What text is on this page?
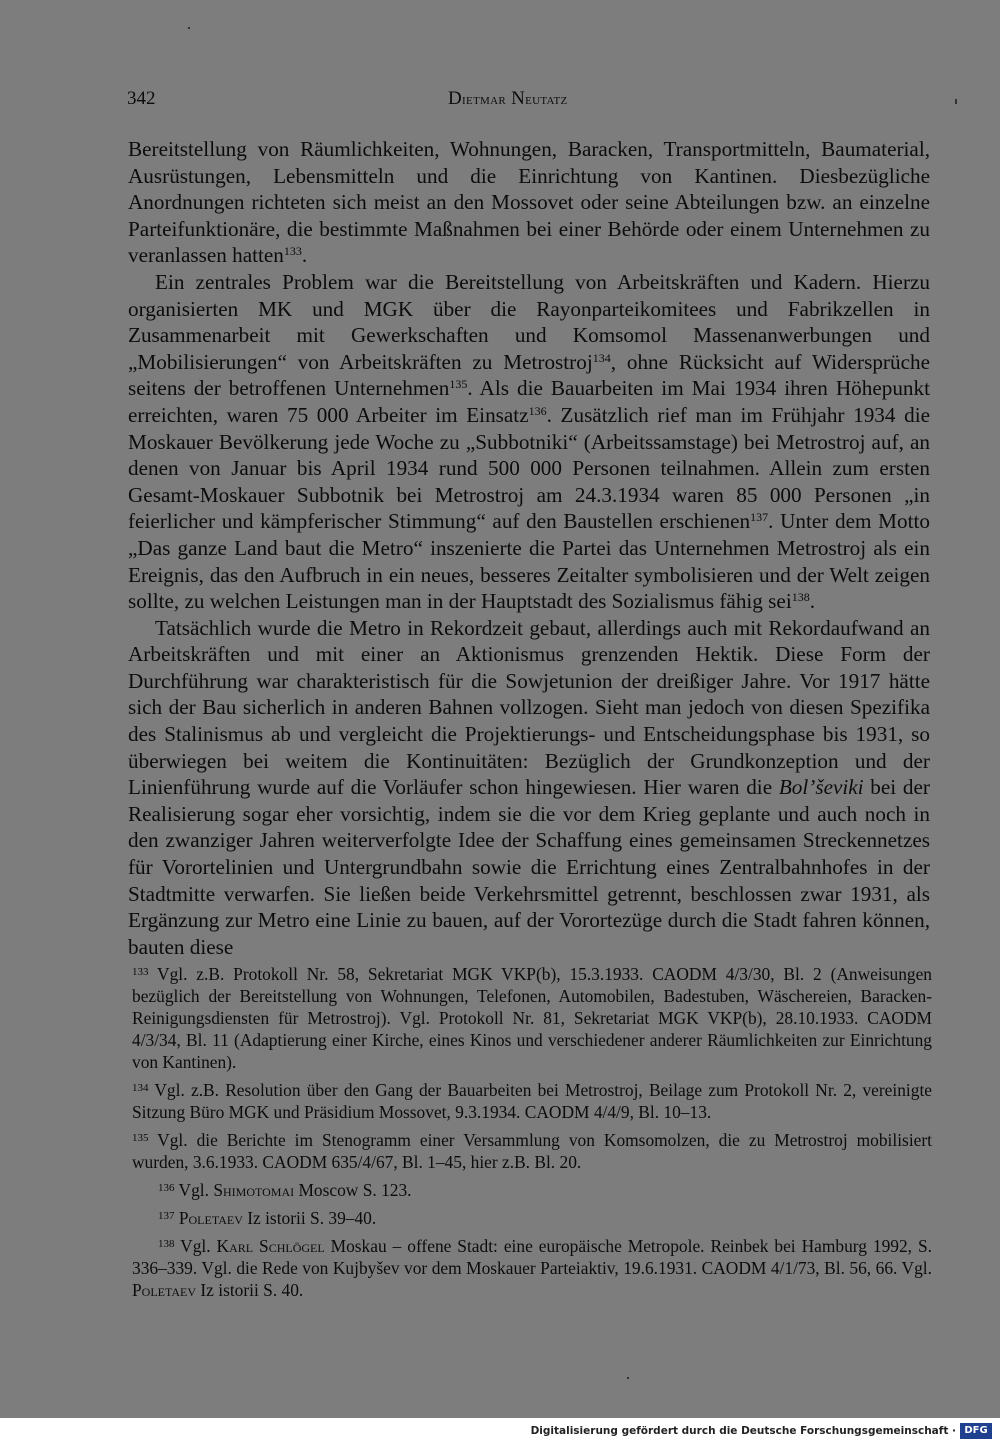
342	Dietmar Neutatz

Bereitstellung von Räumlichkeiten, Wohnungen, Baracken, Transportmitteln, Baumaterial, Ausrüstungen, Lebensmitteln und die Einrichtung von Kantinen. Diesbezügliche Anordnungen richteten sich meist an den Mossovet oder seine Abteilungen bzw. an einzelne Parteifunktionäre, die bestimmte Maßnahmen bei einer Behörde oder einem Unternehmen zu veranlassen hatten$^{133}$.

Ein zentrales Problem war die Bereitstellung von Arbeitskräften und Kadern. Hierzu organisierten MK und MGK über die Rayonparteikomitees und Fabrikzellen in Zusammenarbeit mit Gewerkschaften und Komsomol Massenanwerbungen und „Mobilisierungen“ von Arbeitskräften zu Metrostroj$^{134}$, ohne Rücksicht auf Widersprüche seitens der betroffenen Unternehmen$^{135}$. Als die Bauarbeiten im Mai 1934 ihren Höhepunkt erreichten, waren 75 000 Arbeiter im Einsatz$^{136}$. Zusätzlich rief man im Frühjahr 1934 die Moskauer Bevölkerung jede Woche zu „Subbotniki“ (Arbeitssamstage) bei Metrostroj auf, an denen von Januar bis April 1934 rund 500 000 Personen teilnahmen. Allein zum ersten Gesamt-Moskauer Subbotnik bei Metrostroj am 24.3.1934 waren 85 000 Personen „in feierlicher und kämpferischer Stimmung“ auf den Baustellen erschienen$^{137}$. Unter dem Motto „Das ganze Land baut die Metro“ inszenierte die Partei das Unternehmen Metrostroj als ein Ereignis, das den Aufbruch in ein neues, besseres Zeitalter symbolisieren und der Welt zeigen sollte, zu welchen Leistungen man in der Hauptstadt des Sozialismus fähig sei$^{138}$.

Tatsächlich wurde die Metro in Rekordzeit gebaut, allerdings auch mit Rekordaufwand an Arbeitskräften und mit einer an Aktionismus grenzenden Hektik. Diese Form der Durchführung war charakteristisch für die Sowjetunion der dreißiger Jahre. Vor 1917 hätte sich der Bau sicherlich in anderen Bahnen vollzogen. Sieht man jedoch von diesen Spezifika des Stalinismus ab und vergleicht die Projektierungs- und Entscheidungsphase bis 1931, so überwiegen bei weitem die Kontinuitäten: Bezüglich der Grundkonzeption und der Linienführung wurde auf die Vorläufer schon hingewiesen. Hier waren die Bol’ševiki bei der Realisierung sogar eher vorsichtig, indem sie die vor dem Krieg geplante und auch noch in den zwanziger Jahren weiterverfolgte Idee der Schaffung eines gemeinsamen Streckennetzes für Vorortelinien und Untergrundbahn sowie die Errichtung eines Zentralbahnhofes in der Stadtmitte verwarfen. Sie ließen beide Verkehrsmittel getrennt, beschlossen zwar 1931, als Ergänzung zur Metro eine Linie zu bauen, auf der Vorortezüge durch die Stadt fahren können, bauten diese

$^{133}$ Vgl. z.B. Protokoll Nr. 58, Sekretariat MGK VKP(b), 15.3.1933. CAODM 4/3/30, Bl. 2 (Anweisungen bezüglich der Bereitstellung von Wohnungen, Telefonen, Automobilen, Badestuben, Wäschereien, Baracken-Reinigungsdiensten für Metrostroj). Vgl. Protokoll Nr. 81, Sekretariat MGK VKP(b), 28.10.1933. CAODM 4/3/34, Bl. 11 (Adaptierung einer Kirche, eines Kinos und verschiedener anderer Räumlichkeiten zur Einrichtung von Kantinen).

$^{134}$ Vgl. z.B. Resolution über den Gang der Bauarbeiten bei Metrostroj, Beilage zum Protokoll Nr. 2, vereinigte Sitzung Büro MGK und Präsidium Mossovet, 9.3.1934. CAODM 4/4/9, Bl. 10–13.

$^{135}$ Vgl. die Berichte im Stenogramm einer Versammlung von Komsomolzen, die zu Metrostroj mobilisiert wurden, 3.6.1933. CAODM 635/4/67, Bl. 1–45, hier z.B. Bl. 20.

$^{136}$ Vgl. Shimotomai Moscow S. 123.

$^{137}$ Poletaev Iz istorii S. 39–40.

$^{138}$ Vgl. Karl Schlögel Moskau – offene Stadt: eine europäische Metropole. Reinbek bei Hamburg 1992, S. 336–339. Vgl. die Rede von Kujbyšev vor dem Moskauer Parteiaktiv, 19.6.1931. CAODM 4/1/73, Bl. 56, 66. Vgl. Poletaev Iz istorii S. 40.

Digitalisierung gefördert durch die Deutsche Forschungsgemeinschaft · DFG
